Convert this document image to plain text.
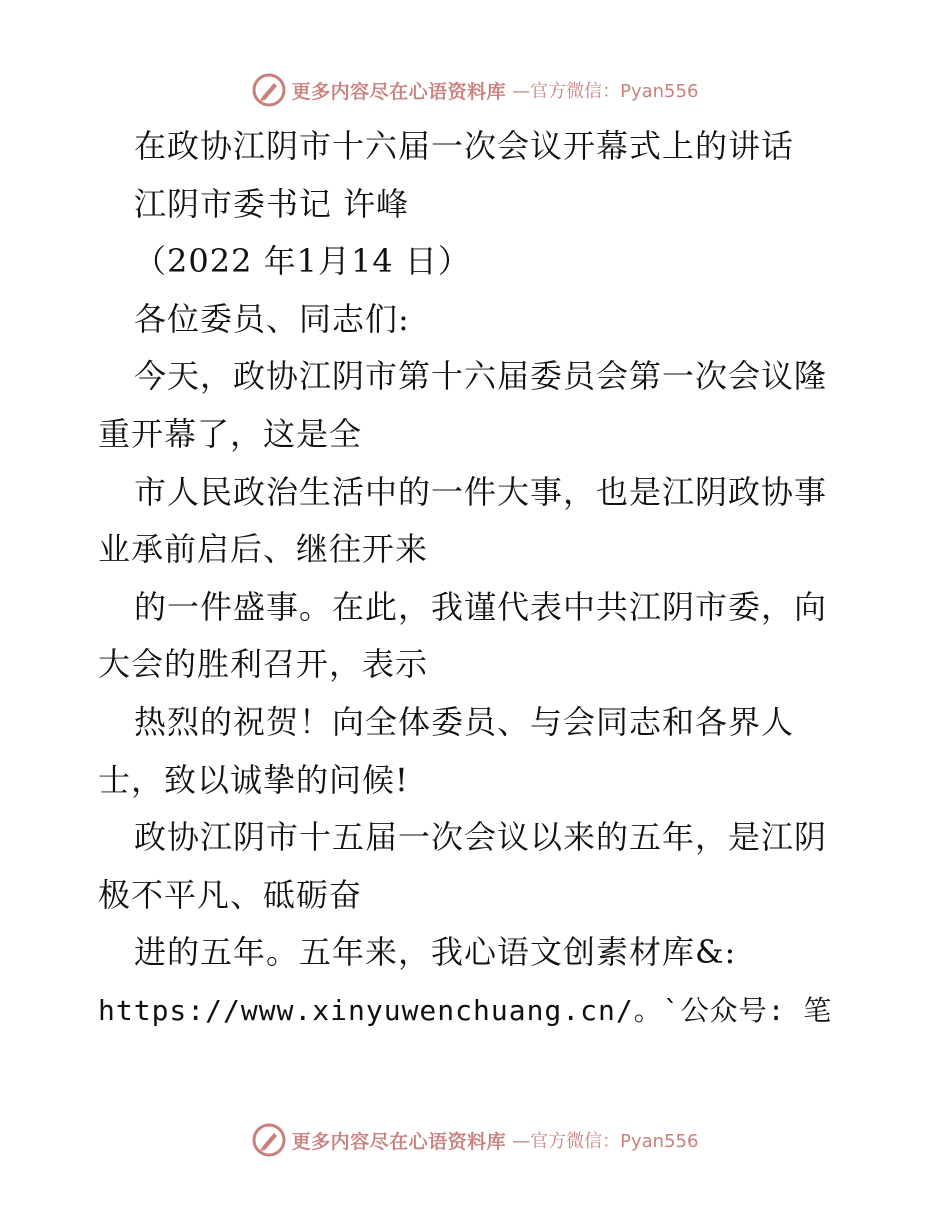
更多内容尽在心语资料库 —官方微信：Pyan556
在政协江阴市十六届一次会议开幕式上的讲话
江阴市委书记 许峰
（2022 年1月14 日）
各位委员、同志们:
今天，政协江阴市第十六届委员会第一次会议隆
重开幕了，这是全
市人民政治生活中的一件大事，也是江阴政协事
业承前启后、继往开来
的一件盛事。在此，我谨代表中共江阴市委，向
大会的胜利召开，表示
热烈的祝贺！向全体委员、与会同志和各界人
士，致以诚挚的问候!
政协江阴市十五届一次会议以来的五年，是江阴
极不平凡、砥砺奋
进的五年。五年来，我心语文创素材库&:
https://www.xinyuwenchuang.cn/。`公众号: 笔
更多内容尽在心语资料库 —官方微信：Pyan556
